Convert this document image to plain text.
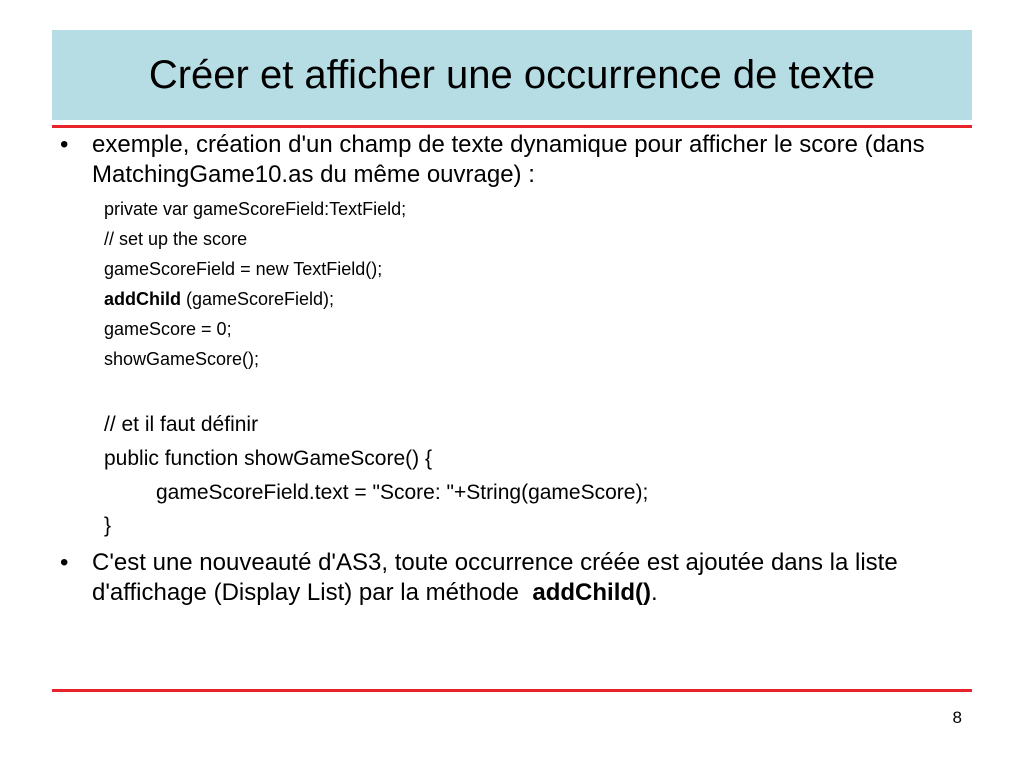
Créer et afficher une occurrence de texte
• exemple, création d'un champ de texte dynamique pour afficher le score (dans MatchingGame10.as du même ouvrage) :
private var gameScoreField:TextField;
// set up the score
gameScoreField = new TextField();
addChild (gameScoreField);
gameScore = 0;
showGameScore();
// et il faut définir
public function showGameScore() {
gameScoreField.text = "Score: "+String(gameScore);
}
• C'est une nouveauté d'AS3, toute occurrence créée est ajoutée dans la liste d'affichage (Display List) par la méthode  addChild().
8
